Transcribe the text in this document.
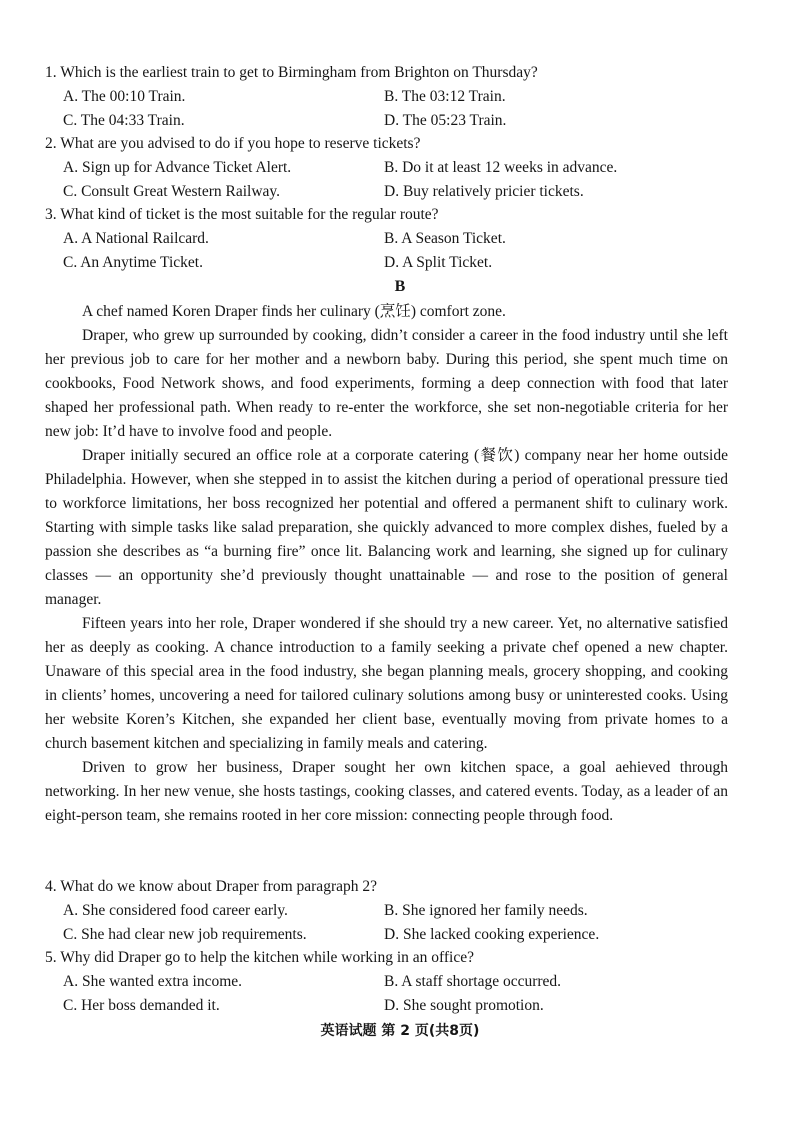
1. Which is the earliest train to get to Birmingham from Brighton on Thursday?
A. The 00:10 Train.	B. The 03:12 Train.
C. The 04:33 Train.	D. The 05:23 Train.
2. What are you advised to do if you hope to reserve tickets?
A. Sign up for Advance Ticket Alert.	B. Do it at least 12 weeks in advance.
C. Consult Great Western Railway.	D. Buy relatively pricier tickets.
3. What kind of ticket is the most suitable for the regular route?
A. A National Railcard.	B. A Season Ticket.
C. An Anytime Ticket.	D. A Split Ticket.
B

A chef named Koren Draper finds her culinary (烹饪) comfort zone.

Draper, who grew up surrounded by cooking, didn’t consider a career in the food industry until she left her previous job to care for her mother and a newborn baby. During this period, she spent much time on cookbooks, Food Network shows, and food experiments, forming a deep connection with food that later shaped her professional path. When ready to re-enter the workforce, she set non-negotiable criteria for her new job: It’d have to involve food and people.

Draper initially secured an office role at a corporate catering (餐饮) company near her home outside Philadelphia. However, when she stepped in to assist the kitchen during a period of operational pressure tied to workforce limitations, her boss recognized her potential and offered a permanent shift to culinary work. Starting with simple tasks like salad preparation, she quickly advanced to more complex dishes, fueled by a passion she describes as “a burning fire” once lit. Balancing work and learning, she signed up for culinary classes — an opportunity she’d previously thought unattainable — and rose to the position of general manager.

Fifteen years into her role, Draper wondered if she should try a new career. Yet, no alternative satisfied her as deeply as cooking. A chance introduction to a family seeking a private chef opened a new chapter. Unaware of this special area in the food industry, she began planning meals, grocery shopping, and cooking in clients’ homes, uncovering a need for tailored culinary solutions among busy or uninterested cooks. Using her website Koren’s Kitchen, she expanded her client base, eventually moving from private homes to a church basement kitchen and specializing in family meals and catering.

Driven to grow her business, Draper sought her own kitchen space, a goal aehieved through networking. In her new venue, she hosts tastings, cooking classes, and catered events. Today, as a leader of an eight-person team, she remains rooted in her core mission: connecting people through food.

4. What do we know about Draper from paragraph 2?
A. She considered food career early.	B. She ignored her family needs.
C. She had clear new job requirements.	D. She lacked cooking experience.
5. Why did Draper go to help the kitchen while working in an office?
A. She wanted extra income.	B. A staff shortage occurred.
C. Her boss demanded it.	D. She sought promotion.
英语试题 第 2 页(共8页)
